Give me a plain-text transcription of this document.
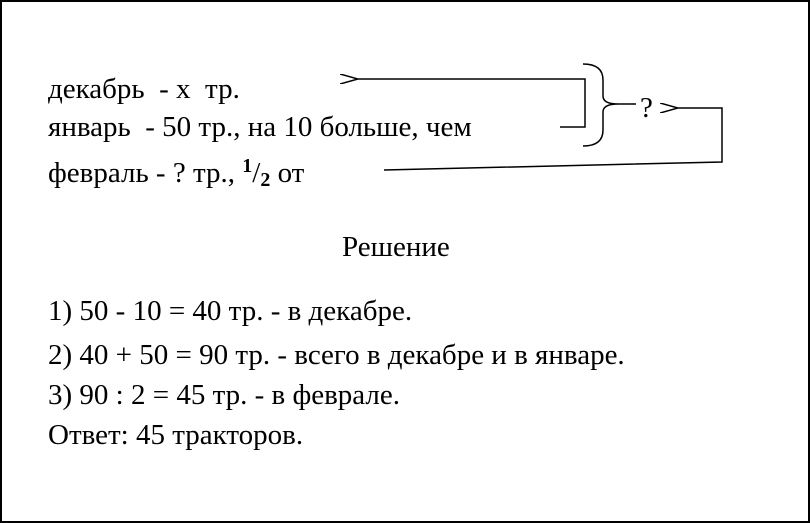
декабрь  - х  тр.
январь  - 50 тр., на 10 больше, чем
февраль - ? тр., $^1/_2$ от
?
Решение
1) 50 - 10 = 40 тр. - в декабре.
2) 40 + 50 = 90 тр. - всего в декабре и в январе.
3) 90 : 2 = 45 тр. - в феврале.
Ответ: 45 тракторов.
